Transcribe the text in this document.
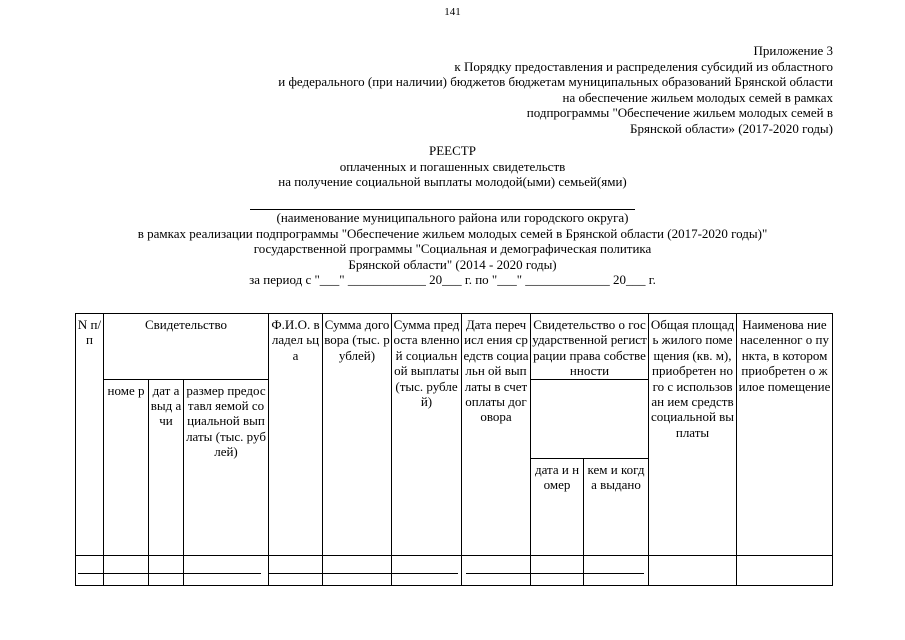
141
Приложение 3
к Порядку предоставления и распределения субсидий из областного
и федерального (при наличии) бюджетов бюджетам муниципальных образований Брянской области
на обеспечение жильем молодых семей в рамках
подпрограммы "Обеспечение жильем молодых семей в
Брянской области» (2017-2020 годы)
РЕЕСТР
оплаченных и погашенных свидетельств
на получение социальной выплаты молодой(ыми) семьей(ями)
(наименование муниципального района или городского округа)
в рамках реализации подпрограммы "Обеспечение жильем молодых семей в Брянской области (2017-2020 годы)"
государственной программы "Социальная и демографическая политика
Брянской области" (2014 - 2020 годы)
за период с "___" ____________ 20___ г. по "___" _____________ 20___ г.
N п/п	Свидетельство			Ф.И.О. владел ьца	Сумма договора (тыс. рублей)	Сумма предоста вленной социальн ой выплаты (тыс. рублей)	Дата перечисл ения средств социальн ой выплаты в счет оплаты договора	Свидетельство о государственной регистрации права собственности		Общая площадь жилого помещения (кв. м), приобретен ного с использован ием средств социальной выплаты	Наименова ние населенног о пункта, в котором приобретен о жилое помещение
	номе р	дат а выд ачи	размер предоставл яемой социальной выплаты (тыс. рублей)								
								дата и номер	кем и когда выдано		
